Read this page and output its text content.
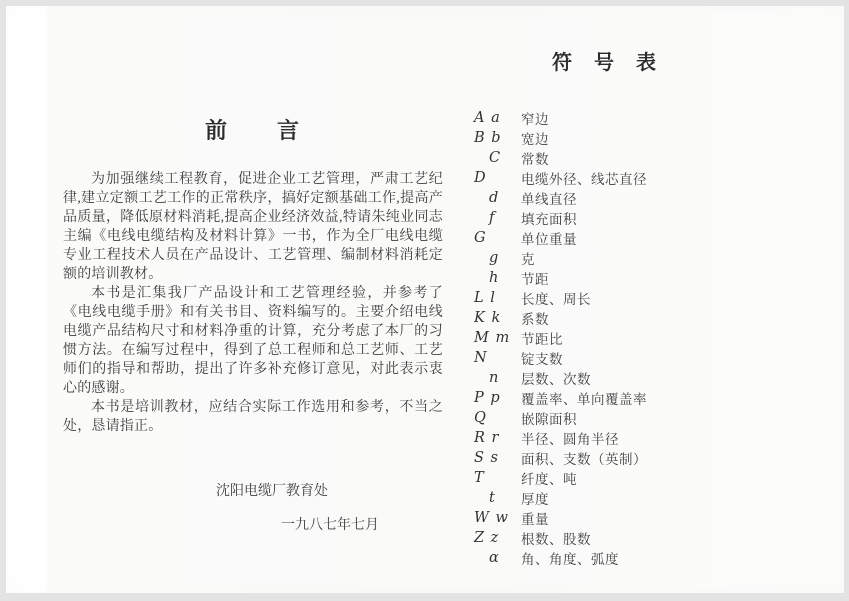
前　　言

为加强继续工程教育，促进企业工艺管理，严肃工艺纪律,建立定额工艺工作的正常秩序，搞好定额基础工作,提高产品质量，降低原材料消耗,提高企业经济效益,特请朱纯业同志主编《电线电缆结构及材料计算》一书，作为全厂电线电缆专业工程技术人员在产品设计、工艺管理、编制材料消耗定额的培训教材。

本书是汇集我厂产品设计和工艺管理经验，并参考了《电线电缆手册》和有关书目、资料编写的。主要介绍电线电缆产品结构尺寸和材料净重的计算，充分考虑了本厂的习惯方法。在编写过程中，得到了总工程师和总工艺师、工艺师们的指导和帮助，提出了许多补充修订意见，对此表示衷心的感谢。

本书是培训教材，应结合实际工作选用和参考，不当之处，恳请指正。

沈阳电缆厂教育处
一九八七年七月
符　号　表
A a	窄边
B b	宽边
C	常数
D	电缆外径、线芯直径
d	单线直径
f	填充面积
G	单位重量
g	克
h	节距
L l	长度、周长
K k	系数
M m 节距比
N	锭支数
n	层数、次数
P p	覆盖率、单向覆盖率
Q	嵌隙面积
R r	半径、圆角半径
S s	面积、支数（英制）
T	纤度、吨
t	厚度
W w 重量
Z z	根数、股数
α	角、角度、弧度
